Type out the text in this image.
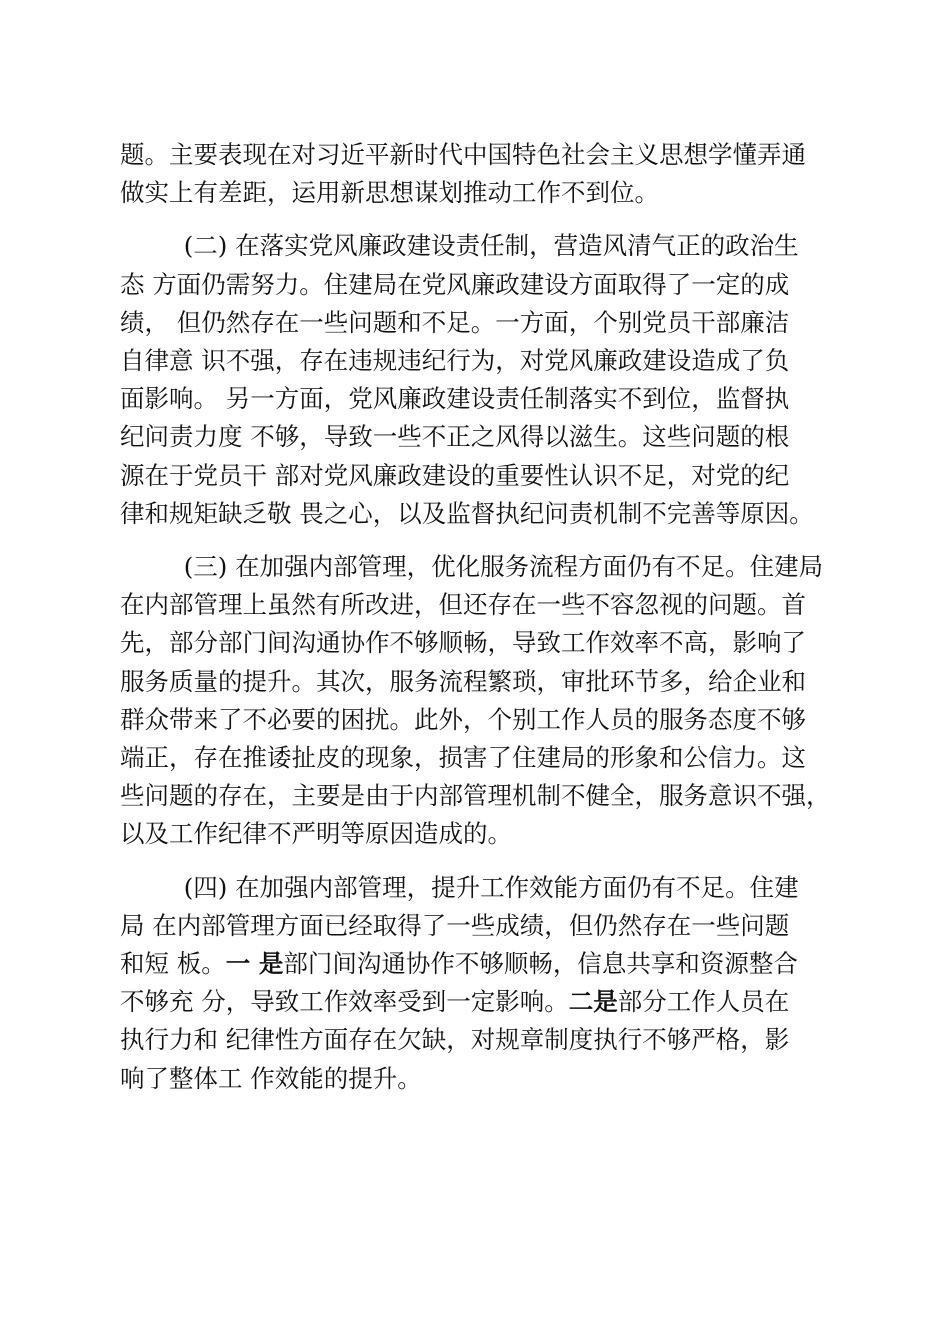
题。主要表现在对习近平新时代中国特色社会主义思想学懂弄通
做实上有差距，运用新思想谋划推动工作不到位。

(二) 在落实党风廉政建设责任制，营造风清气正的政治生
态 方面仍需努力。住建局在党风廉政建设方面取得了一定的成
绩， 但仍然存在一些问题和不足。一方面，个别党员干部廉洁
自律意 识不强，存在违规违纪行为，对党风廉政建设造成了负
面影响。 另一方面，党风廉政建设责任制落实不到位，监督执
纪问责力度 不够，导致一些不正之风得以滋生。这些问题的根
源在于党员干 部对党风廉政建设的重要性认识不足，对党的纪
律和规矩缺乏敬 畏之心，以及监督执纪问责机制不完善等原因。

(三) 在加强内部管理，优化服务流程方面仍有不足。住建局
在内部管理上虽然有所改进，但还存在一些不容忽视的问题。首
先，部分部门间沟通协作不够顺畅，导致工作效率不高，影响了
服务质量的提升。其次，服务流程繁琐，审批环节多，给企业和
群众带来了不必要的困扰。此外，个别工作人员的服务态度不够
端正，存在推诿扯皮的现象，损害了住建局的形象和公信力。这
些问题的存在，主要是由于内部管理机制不健全，服务意识不强，
以及工作纪律不严明等原因造成的。

(四) 在加强内部管理，提升工作效能方面仍有不足。住建
局 在内部管理方面已经取得了一些成绩，但仍然存在一些问题
和短 板。一 是部门间沟通协作不够顺畅，信息共享和资源整合
不够充 分，导致工作效率受到一定影响。二是部分工作人员在
执行力和 纪律性方面存在欠缺，对规章制度执行不够严格，影
响了整体工 作效能的提升。
